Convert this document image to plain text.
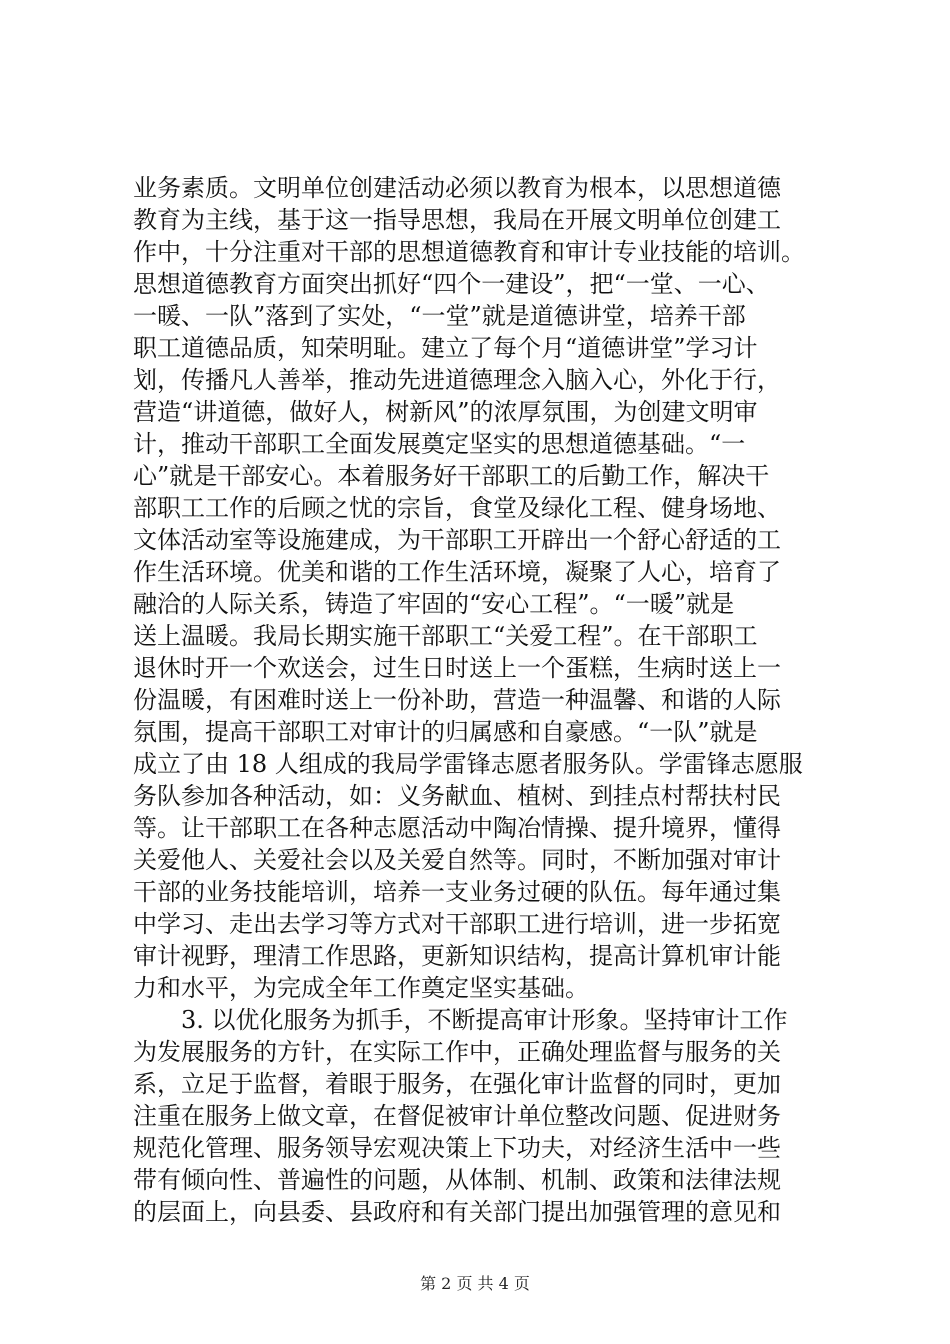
业务素质。文明单位创建活动必须以教育为根本，以思想道德
教育为主线，基于这一指导思想，我局在开展文明单位创建工
作中，十分注重对干部的思想道德教育和审计专业技能的培训。
思想道德教育方面突出抓好“四个一建设”，把“一堂、一心、
一暖、一队”落到了实处，“一堂”就是道德讲堂，培养干部
职工道德品质，知荣明耻。建立了每个月“道德讲堂”学习计
划，传播凡人善举，推动先进道德理念入脑入心，外化于行，
营造“讲道德，做好人，树新风”的浓厚氛围，为创建文明审
计，推动干部职工全面发展奠定坚实的思想道德基础。“一
心”就是干部安心。本着服务好干部职工的后勤工作，解决干
部职工工作的后顾之忧的宗旨，食堂及绿化工程、健身场地、
文体活动室等设施建成，为干部职工开辟出一个舒心舒适的工
作生活环境。优美和谐的工作生活环境，凝聚了人心，培育了
融洽的人际关系，铸造了牢固的“安心工程”。“一暖”就是
送上温暖。我局长期实施干部职工“关爱工程”。在干部职工
退休时开一个欢送会，过生日时送上一个蛋糕，生病时送上一
份温暖，有困难时送上一份补助，营造一种温馨、和谐的人际
氛围，提高干部职工对审计的归属感和自豪感。“一队”就是
成立了由 18 人组成的我局学雷锋志愿者服务队。学雷锋志愿服
务队参加各种活动，如：义务献血、植树、到挂点村帮扶村民
等。让干部职工在各种志愿活动中陶冶情操、提升境界，懂得
关爱他人、关爱社会以及关爱自然等。同时，不断加强对审计
干部的业务技能培训，培养一支业务过硬的队伍。每年通过集
中学习、走出去学习等方式对干部职工进行培训，进一步拓宽
审计视野，理清工作思路，更新知识结构，提高计算机审计能
力和水平，为完成全年工作奠定坚实基础。
3. 以优化服务为抓手，不断提高审计形象。坚持审计工作
为发展服务的方针，在实际工作中，正确处理监督与服务的关
系，立足于监督，着眼于服务，在强化审计监督的同时，更加
注重在服务上做文章，在督促被审计单位整改问题、促进财务
规范化管理、服务领导宏观决策上下功夫，对经济生活中一些
带有倾向性、普遍性的问题，从体制、机制、政策和法律法规
的层面上，向县委、县政府和有关部门提出加强管理的意见和
第 2 页 共 4 页
